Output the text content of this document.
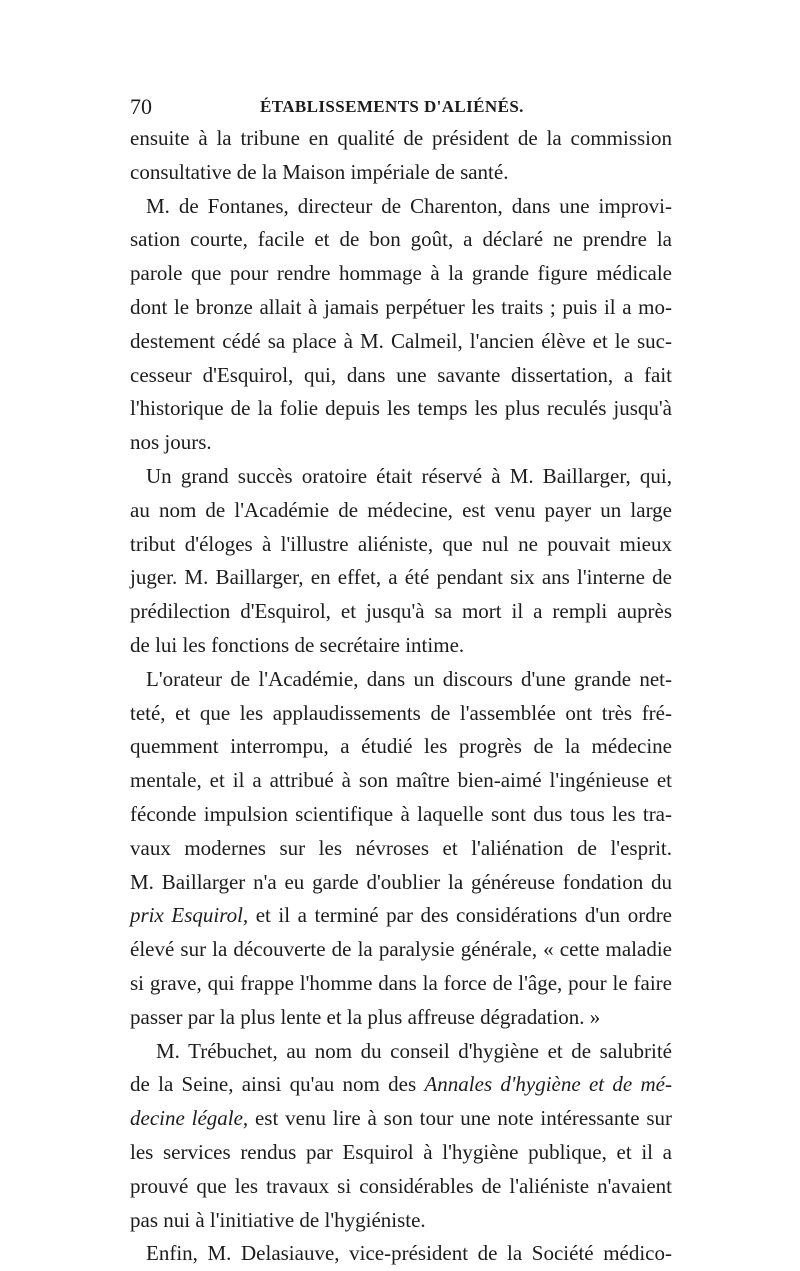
70	ÉTABLISSEMENTS D'ALIÉNÉS.
ensuite à la tribune en qualité de président de la commission
consultative de la Maison impériale de santé.
M. de Fontanes, directeur de Charenton, dans une improvi-
sation courte, facile et de bon goût, a déclaré ne prendre la
parole que pour rendre hommage à la grande figure médicale
dont le bronze allait à jamais perpétuer les traits ; puis il a mo-
destement cédé sa place à M. Calmeil, l'ancien élève et le suc-
cesseur d'Esquirol, qui, dans une savante dissertation, a fait
l'historique de la folie depuis les temps les plus reculés jusqu'à
nos jours.
Un grand succès oratoire était réservé à M. Baillarger, qui,
au nom de l'Académie de médecine, est venu payer un large
tribut d'éloges à l'illustre aliéniste, que nul ne pouvait mieux
juger. M. Baillarger, en effet, a été pendant six ans l'interne de
prédilection d'Esquirol, et jusqu'à sa mort il a rempli auprès
de lui les fonctions de secrétaire intime.
L'orateur de l'Académie, dans un discours d'une grande net-
teté, et que les applaudissements de l'assemblée ont très fré-
quemment interrompu, a étudié les progrès de la médecine
mentale, et il a attribué à son maître bien-aimé l'ingénieuse et
féconde impulsion scientifique à laquelle sont dus tous les tra-
vaux modernes sur les névroses et l'aliénation de l'esprit.
M. Baillarger n'a eu garde d'oublier la généreuse fondation du
prix Esquirol, et il a terminé par des considérations d'un ordre
élevé sur la découverte de la paralysie générale, « cette maladie
si grave, qui frappe l'homme dans la force de l'âge, pour le faire
passer par la plus lente et la plus affreuse dégradation. »
M. Trébuchet, au nom du conseil d'hygiène et de salubrité
de la Seine, ainsi qu'au nom des Annales d'hygiène et de mé-
decine légale, est venu lire à son tour une note intéressante sur
les services rendus par Esquirol à l'hygiène publique, et il a
prouvé que les travaux si considérables de l'aliéniste n'avaient
pas nui à l'initiative de l'hygiéniste.
Enfin, M. Delasiauve, vice-président de la Société médico-
